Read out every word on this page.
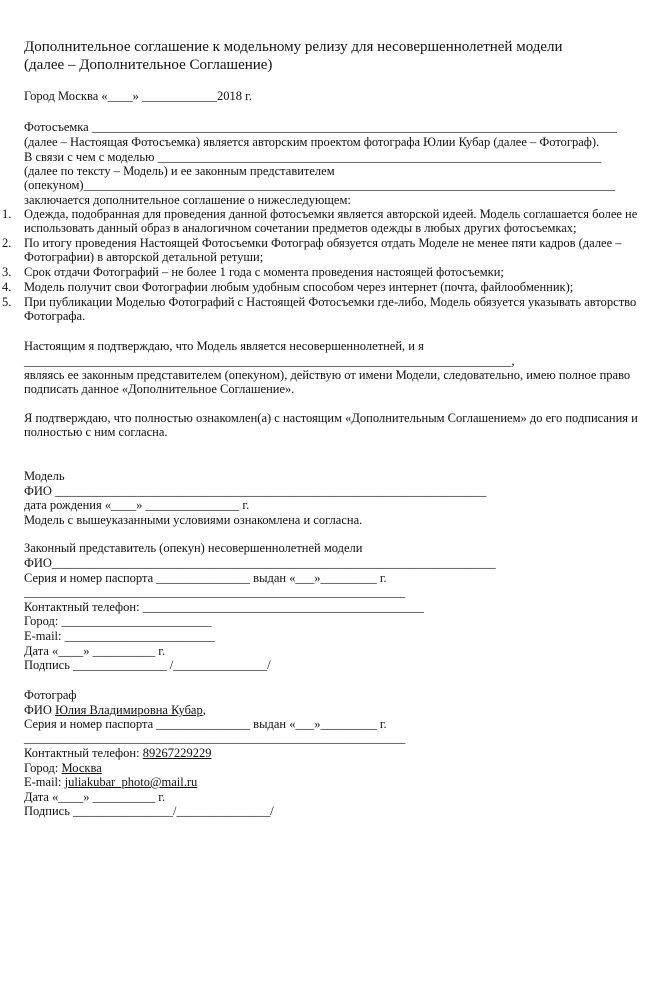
Дополнительное соглашение к модельному релизу для несовершеннолетней модели
(далее – Дополнительное Соглашение)
Город Москва «____» ____________2018 г.
Фотосъемка ____________________________________________________________________________________
(далее – Настоящая Фотосъемка) является авторским проектом фотографа Юлии Кубар (далее – Фотограф).
В связи с чем с моделью _______________________________________________________________________
(далее по тексту – Модель) и ее законным представителем
(опекуном)_____________________________________________________________________________________
заключается дополнительное соглашение о нижеследующем:
1. Одежда, подобранная для проведения данной фотосъемки является авторской идеей. Модель соглашается более не
использовать данный образ в аналогичном сочетании предметов одежды в любых других фотосъемках;
2. По итогу проведения Настоящей Фотосъемки Фотограф обязуется отдать Моделе не менее пяти кадров (далее –
Фотографии) в авторской детальной ретуши;
3. Срок отдачи Фотографий – не более 1 года с момента проведения настоящей фотосъемки;
4. Модель получит свои Фотографии любым удобным способом через интернет (почта, файлообменник);
5. При публикации Моделью Фотографий с Настоящей Фотосъемки где-либо, Модель обязуется указывать авторство
Фотографа.
Настоящим я подтверждаю, что Модель является несовершеннолетней, и я
______________________________________________________________________________,
являясь ее законным представителем (опекуном), действую от имени Модели, следовательно, имею полное право
подписать данное «Дополнительное Соглашение».
Я подтверждаю, что полностью ознакомлен(а) с настоящим «Дополнительным Соглашением» до его подписания и
полностью с ним согласна.
Модель
ФИО _____________________________________________________________________
дата рождения «____» _______________ г.
Модель с вышеуказанными условиями ознакомлена и согласна.
Законный представитель (опекун) несовершеннолетней модели
ФИО_______________________________________________________________________
Серия и номер паспорта _______________ выдан «___»_________ г.
_____________________________________________________________
Контактный телефон: _____________________________________________
Город: ________________________
E-mail: ________________________
Дата «____» __________ г.
Подпись _______________ /_______________/
Фотограф
ФИО Юлия Владимировна Кубар,
Серия и номер паспорта _______________ выдан «___»_________ г.
_____________________________________________________________
Контактный телефон: 89267229229
Город: Москва
E-mail: juliakubar_photo@mail.ru
Дата «____» __________ г.
Подпись ________________/_______________/
